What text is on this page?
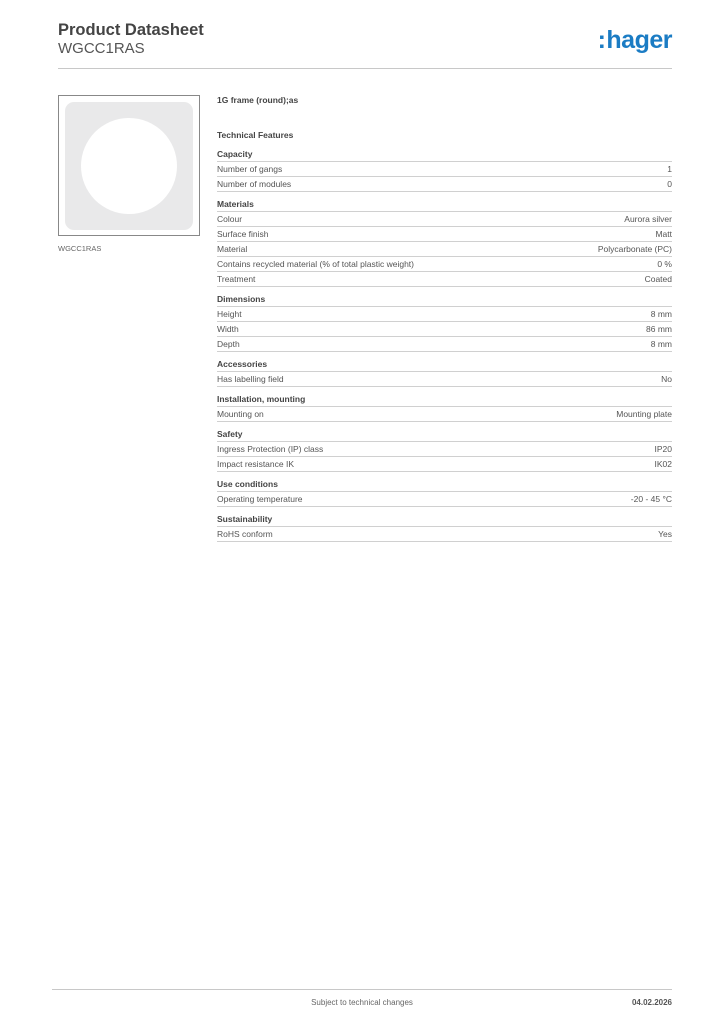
Product Datasheet
WGCC1RAS	:hager
WGCC1RAS
1G frame (round);as
Technical Features
Capacity
Number of gangs	1
Number of modules	0
Materials
Colour	Aurora silver
Surface finish	Matt
Material	Polycarbonate (PC)
Contains recycled material (% of total plastic weight)	0 %
Treatment	Coated
Dimensions
Height	8 mm
Width	86 mm
Depth	8 mm
Accessories
Has labelling field	No
Installation, mounting
Mounting on	Mounting plate
Safety
Ingress Protection (IP) class	IP20
Impact resistance IK	IK02
Use conditions
Operating temperature	-20 - 45 °C
Sustainability
RoHS conform	Yes
Subject to technical changes	04.02.2026
